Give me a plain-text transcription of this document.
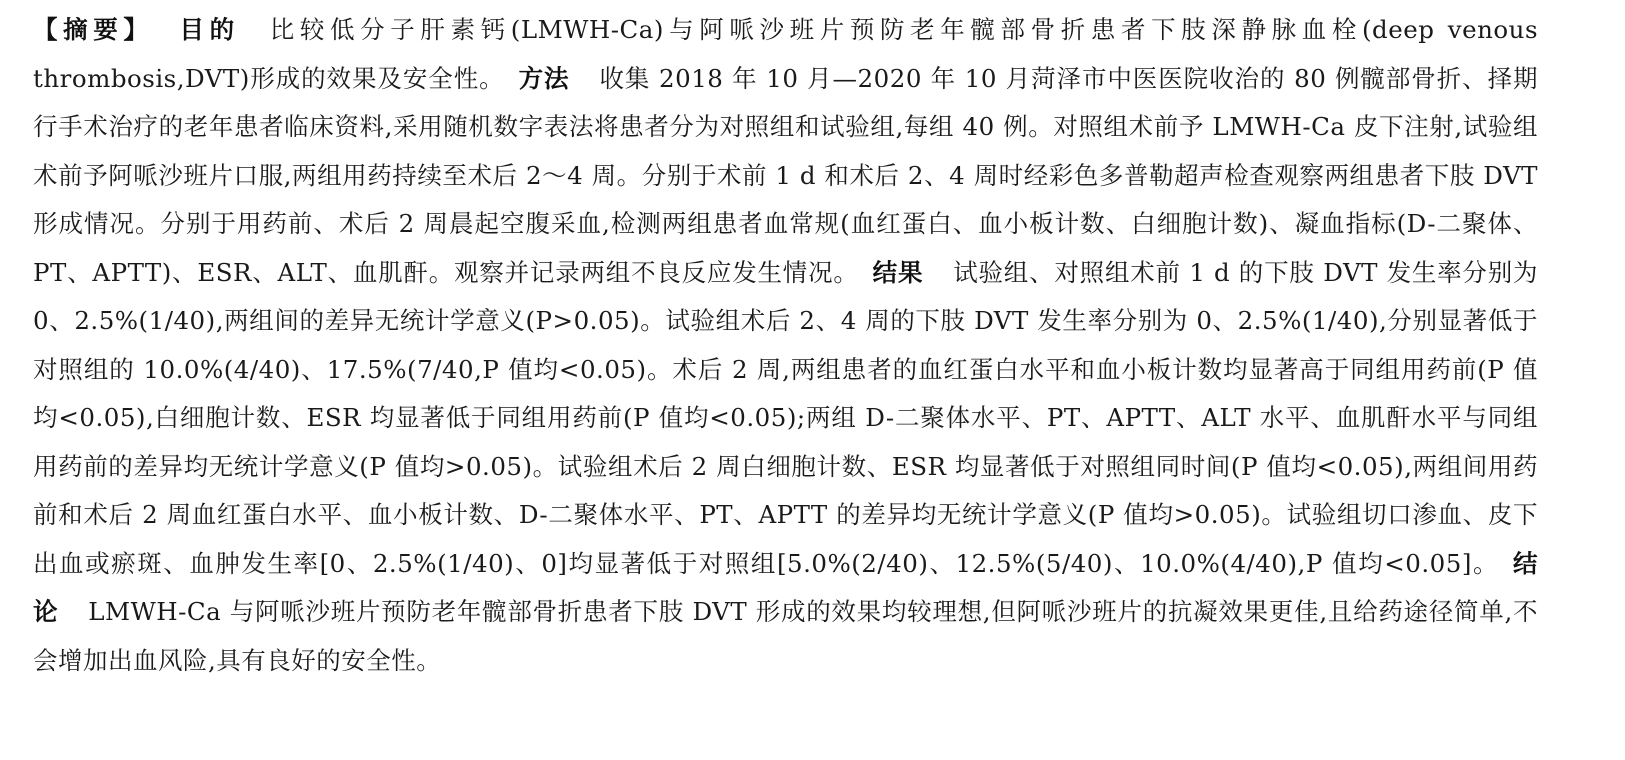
【摘要】 目的 比较低分子肝素钙(LMWH-Ca)与阿哌沙班片预防老年髋部骨折患者下肢深静脉血栓(deep venous thrombosis,DVT)形成的效果及安全性。 方法 收集 2018 年 10 月—2020 年 10 月菏泽市中医医院收治的 80 例髋部骨折、择期行手术治疗的老年患者临床资料,采用随机数字表法将患者分为对照组和试验组,每组 40 例。对照组术前予 LMWH-Ca 皮下注射,试验组术前予阿哌沙班片口服,两组用药持续至术后 2～4 周。分别于术前 1 d 和术后 2、4 周时经彩色多普勒超声检查观察两组患者下肢 DVT 形成情况。分别于用药前、术后 2 周晨起空腹采血,检测两组患者血常规(血红蛋白、血小板计数、白细胞计数)、凝血指标(D-二聚体、PT、APTT)、ESR、ALT、血肌酐。观察并记录两组不良反应发生情况。 结果 试验组、对照组术前 1 d 的下肢 DVT 发生率分别为 0、2.5%(1/40),两组间的差异无统计学意义(P>0.05)。试验组术后 2、4 周的下肢 DVT 发生率分别为 0、2.5%(1/40),分别显著低于对照组的 10.0%(4/40)、17.5%(7/40,P 值均<0.05)。术后 2 周,两组患者的血红蛋白水平和血小板计数均显著高于同组用药前(P 值均<0.05),白细胞计数、ESR 均显著低于同组用药前(P 值均<0.05);两组 D-二聚体水平、PT、APTT、ALT 水平、血肌酐水平与同组用药前的差异均无统计学意义(P 值均>0.05)。试验组术后 2 周白细胞计数、ESR 均显著低于对照组同时间(P 值均<0.05),两组间用药前和术后 2 周血红蛋白水平、血小板计数、D-二聚体水平、PT、APTT 的差异均无统计学意义(P 值均>0.05)。试验组切口渗血、皮下出血或瘀斑、血肿发生率[0、2.5%(1/40)、0]均显著低于对照组[5.0%(2/40)、12.5%(5/40)、10.0%(4/40),P 值均<0.05]。 结论 LMWH-Ca 与阿哌沙班片预防老年髋部骨折患者下肢 DVT 形成的效果均较理想,但阿哌沙班片的抗凝效果更佳,且给药途径简单,不会增加出血风险,具有良好的安全性。
